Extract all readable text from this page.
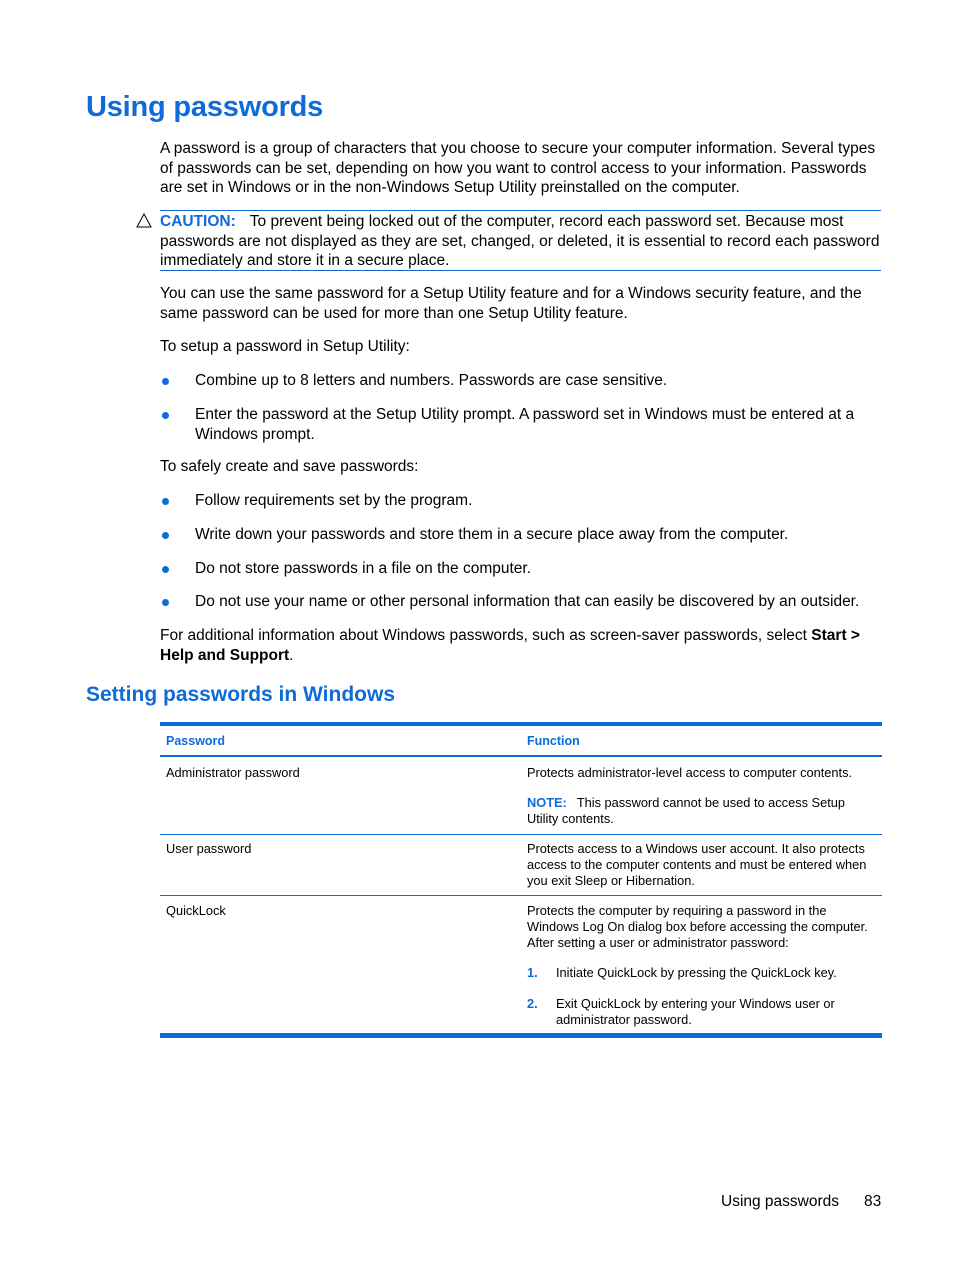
Using passwords

A password is a group of characters that you choose to secure your computer information. Several types of passwords can be set, depending on how you want to control access to your information. Passwords are set in Windows or in the non-Windows Setup Utility preinstalled on the computer.

CAUTION: To prevent being locked out of the computer, record each password set. Because most passwords are not displayed as they are set, changed, or deleted, it is essential to record each password immediately and store it in a secure place.

You can use the same password for a Setup Utility feature and for a Windows security feature, and the same password can be used for more than one Setup Utility feature.

To setup a password in Setup Utility:

Combine up to 8 letters and numbers. Passwords are case sensitive.
Enter the password at the Setup Utility prompt. A password set in Windows must be entered at a Windows prompt.

To safely create and save passwords:

Follow requirements set by the program.
Write down your passwords and store them in a secure place away from the computer.
Do not store passwords in a file on the computer.
Do not use your name or other personal information that can easily be discovered by an outsider.

For additional information about Windows passwords, such as screen-saver passwords, select Start > Help and Support.

Setting passwords in Windows
Password	Function
Administrator password	Protects administrator-level access to computer contents.
NOTE: This password cannot be used to access Setup Utility contents.
User password	Protects access to a Windows user account. It also protects access to the computer contents and must be entered when you exit Sleep or Hibernation.
QuickLock	Protects the computer by requiring a password in the Windows Log On dialog box before accessing the computer. After setting a user or administrator password:
1. Initiate QuickLock by pressing the QuickLock key.
2. Exit QuickLock by entering your Windows user or administrator password.
Using passwords 83
